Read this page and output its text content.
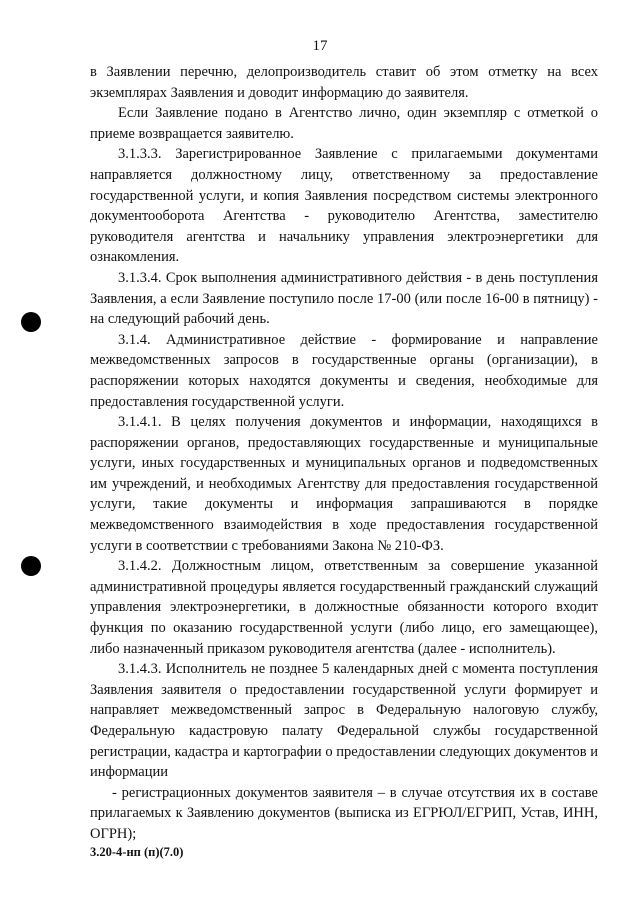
17

в Заявлении перечню, делопроизводитель ставит об этом отметку на всех экземплярах Заявления и доводит информацию до заявителя.

Если Заявление подано в Агентство лично, один экземпляр с отметкой о приеме возвращается заявителю.

3.1.3.3. Зарегистрированное Заявление с прилагаемыми документами направляется должностному лицу, ответственному за предоставление государственной услуги, и копия Заявления посредством системы электронного документооборота Агентства - руководителю Агентства, заместителю руководителя агентства и начальнику управления электроэнергетики для ознакомления.

3.1.3.4. Срок выполнения административного действия - в день поступления Заявления, а если Заявление поступило после 17-00 (или после 16-00 в пятницу) - на следующий рабочий день.

3.1.4. Административное действие - формирование и направление межведомственных запросов в государственные органы (организации), в распоряжении которых находятся документы и сведения, необходимые для предоставления государственной услуги.

3.1.4.1. В целях получения документов и информации, находящихся в распоряжении органов, предоставляющих государственные и муниципальные услуги, иных государственных и муниципальных органов и подведомственных им учреждений, и необходимых Агентству для предоставления государственной услуги, такие документы и информация запрашиваются в порядке межведомственного взаимодействия в ходе предоставления государственной услуги в соответствии с требованиями Закона № 210-ФЗ.

3.1.4.2. Должностным лицом, ответственным за совершение указанной административной процедуры является государственный гражданский служащий управления электроэнергетики, в должностные обязанности которого входит функция по оказанию государственной услуги (либо лицо, его замещающее), либо назначенный приказом руководителя агентства (далее - исполнитель).

3.1.4.3. Исполнитель не позднее 5 календарных дней с момента поступления Заявления заявителя о предоставлении государственной услуги формирует и направляет межведомственный запрос в Федеральную налоговую службу, Федеральную кадастровую палату Федеральной службы государственной регистрации, кадастра и картографии о предоставлении следующих документов и информации

- регистрационных документов заявителя – в случае отсутствия их в составе прилагаемых к Заявлению документов (выписка из ЕГРЮЛ/ЕГРИП, Устав, ИНН, ОГРН);

3.20-4-нп (п)(7.0)
